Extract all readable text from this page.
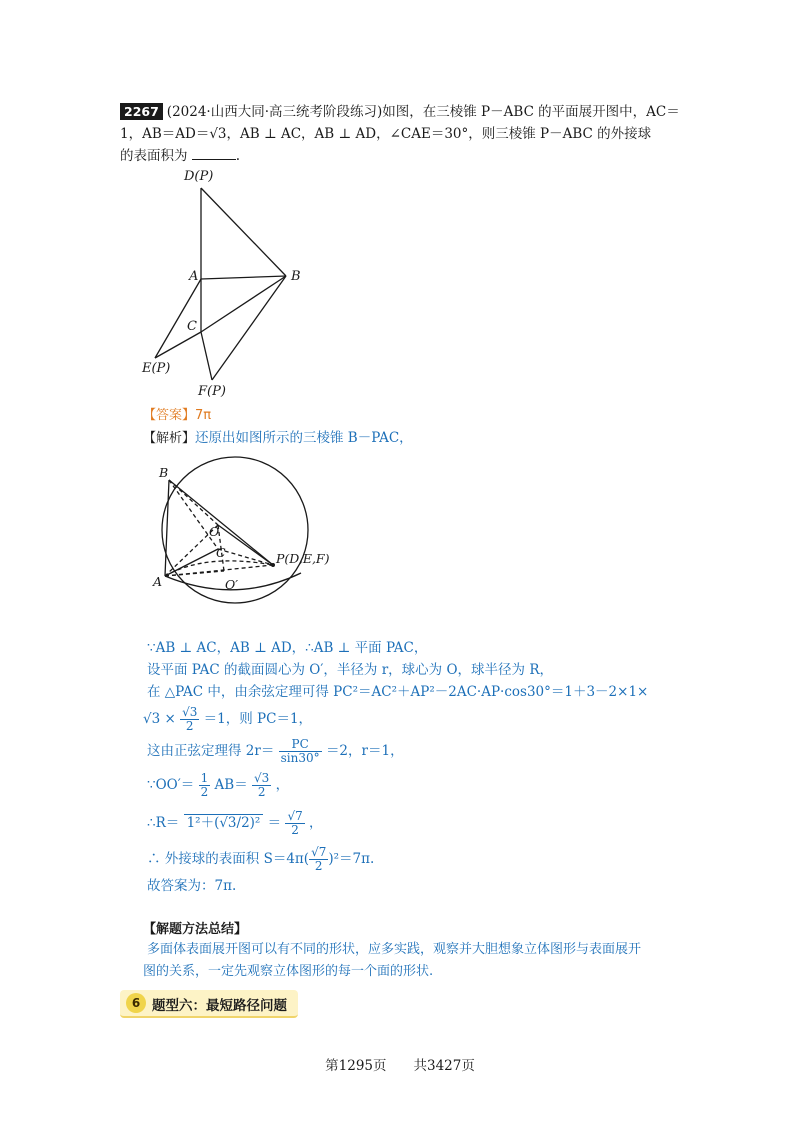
2267 (2024·山西大同·高三统考阶段练习)如图，在三棱锥 P－ABC 的平面展开图中，AC＝
1，AB＝AD＝√3，AB ⊥ AC，AB ⊥ AD，∠CAE＝30°，则三棱锥 P－ABC 的外接球
的表面积为	.
D(P)
A	B
C
E(P)
F(P)
【答案】7π
【解析】还原出如图所示的三棱锥 B－PAC，
B
O
C	P(D,E,F)
A	O′
∵AB ⊥ AC，AB ⊥ AD，∴AB ⊥ 平面 PAC，
设平面 PAC 的截面圆心为 O′，半径为 r，球心为 O，球半径为 R，
在 △PAC 中，由余弦定理可得 PC²＝AC²＋AP²－2AC·AP·cos30°＝1＋3－2×1×
$√3 \times \frac{√3}{2} =1$，则 PC＝1，
这由正弦定理得 $2r= \frac{PC}{\sin 30^\circ} =2$，r＝1，
∵OO′＝ $\frac{1}{2} AB= \frac{√3}{2}$ ，
∴R＝ $1^2+(√3/2)^2 = \frac{√7}{2}$ ，
∴ 外接球的表面积 $S=4\pi( \frac{√7}{2} )^2=7\pi$.
故答案为：7π.
【解题方法总结】
多面体表面展开图可以有不同的形状，应多实践，观察并大胆想象立体图形与表面展开
图的关系，一定先观察立体图形的每一个面的形状.
6 题型六：最短路径问题
第1295页　　共3427页
